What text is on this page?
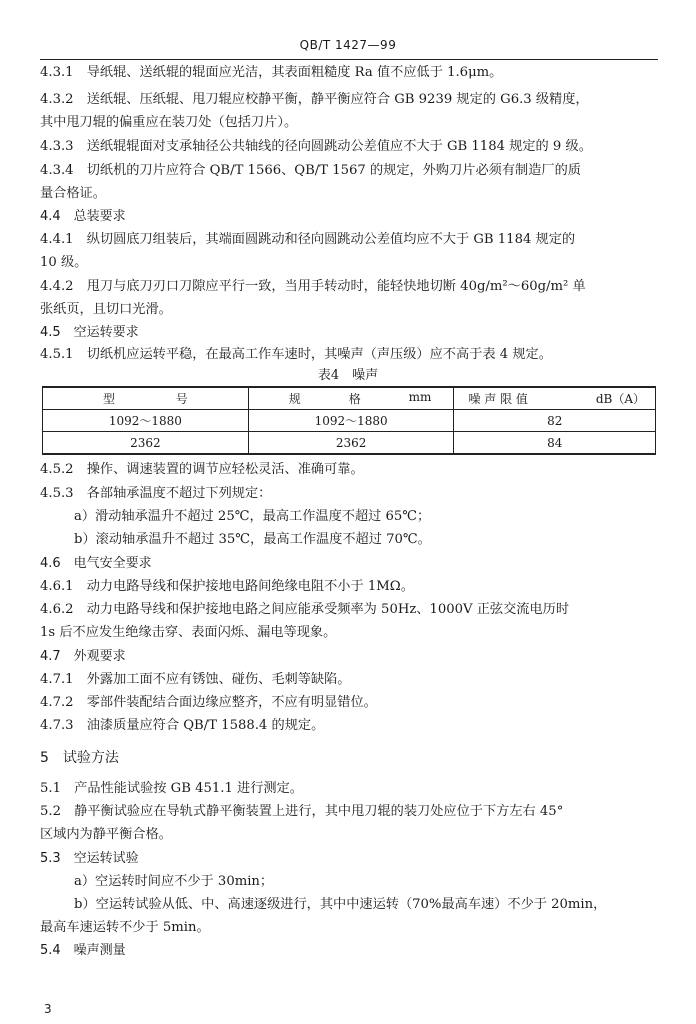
QB/T 1427—99
4.3.1　导纸辊、送纸辊的辊面应光洁，其表面粗糙度 Ra 值不应低于 1.6μm。
4.3.2　送纸辊、压纸辊、甩刀辊应校静平衡，静平衡应符合 GB 9239 规定的 G6.3 级精度，
其中甩刀辊的偏重应在装刀处（包括刀片）。
4.3.3　送纸辊辊面对支承轴径公共轴线的径向圆跳动公差值应不大于 GB 1184 规定的 9 级。
4.3.4　切纸机的刀片应符合 QB/T 1566、QB/T 1567 的规定，外购刀片必须有制造厂的质
量合格证。
4.4　总装要求
4.4.1　纵切圆底刀组装后，其端面圆跳动和径向圆跳动公差值均应不大于 GB 1184 规定的
10 级。
4.4.2　甩刀与底刀刃口刀隙应平行一致，当用手转动时，能轻快地切断 40g/m²～60g/m² 单
张纸页，且切口光滑。
4.5　空运转要求
4.5.1　切纸机应运转平稳，在最高工作车速时，其噪声（声压级）应不高于表 4 规定。
表4　噪声
型 号	规 格 mm	噪 声 限 值 dB（A）

1092～1880	1092～1880	82
2362	2362	84
4.5.2　操作、调速装置的调节应轻松灵活、准确可靠。
4.5.3　各部轴承温度不超过下列规定：
a）滑动轴承温升不超过 25℃，最高工作温度不超过 65℃；
b）滚动轴承温升不超过 35℃，最高工作温度不超过 70℃。
4.6　电气安全要求
4.6.1　动力电路导线和保护接地电路间绝缘电阻不小于 1MΩ。
4.6.2　动力电路导线和保护接地电路之间应能承受频率为 50Hz、1000V 正弦交流电历时
1s 后不应发生绝缘击穿、表面闪烁、漏电等现象。
4.7　外观要求
4.7.1　外露加工面不应有锈蚀、碰伤、毛刺等缺陷。
4.7.2　零部件装配结合面边缘应整齐，不应有明显错位。
4.7.3　油漆质量应符合 QB/T 1588.4 的规定。
5　试验方法
5.1　产品性能试验按 GB 451.1 进行测定。
5.2　静平衡试验应在导轨式静平衡装置上进行，其中甩刀辊的装刀处应位于下方左右 45°
区域内为静平衡合格。
5.3　空运转试验
a）空运转时间应不少于 30min；
b）空运转试验从低、中、高速逐级进行，其中中速运转（70%最高车速）不少于 20min，
最高车速运转不少于 5min。
5.4　噪声测量
3
